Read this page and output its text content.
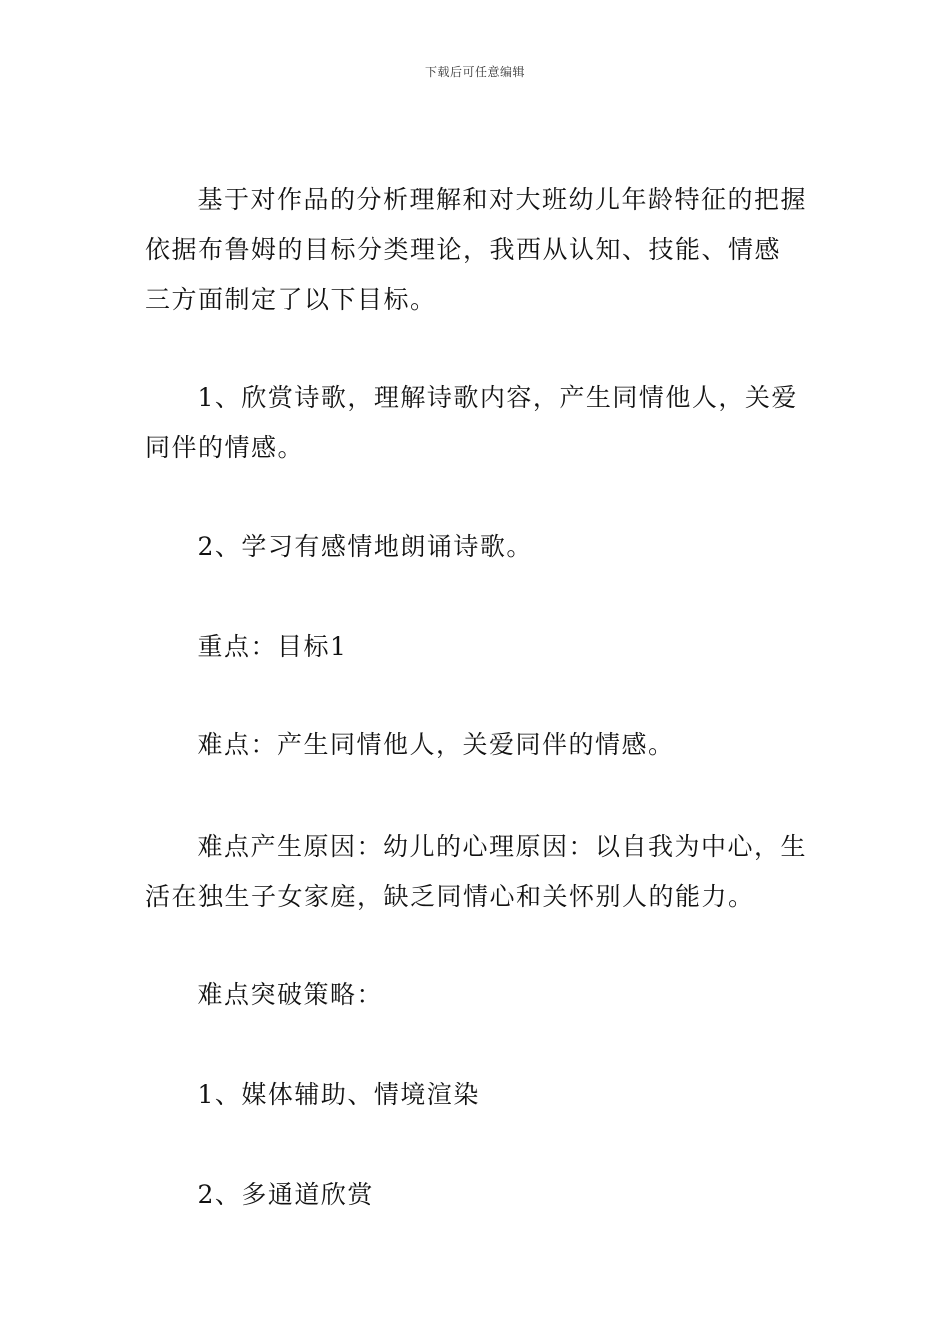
下载后可任意编辑

基于对作品的分析理解和对大班幼儿年龄特征的把握依据布鲁姆的目标分类理论，我西从认知、技能、情感三方面制定了以下目标。

1、欣赏诗歌，理解诗歌内容，产生同情他人，关爱同伴的情感。

2、学习有感情地朗诵诗歌。

重点：目标1

难点：产生同情他人，关爱同伴的情感。

难点产生原因：幼儿的心理原因：以自我为中心，生活在独生子女家庭，缺乏同情心和关怀别人的能力。

难点突破策略：

1、媒体辅助、情境渲染

2、多通道欣赏
